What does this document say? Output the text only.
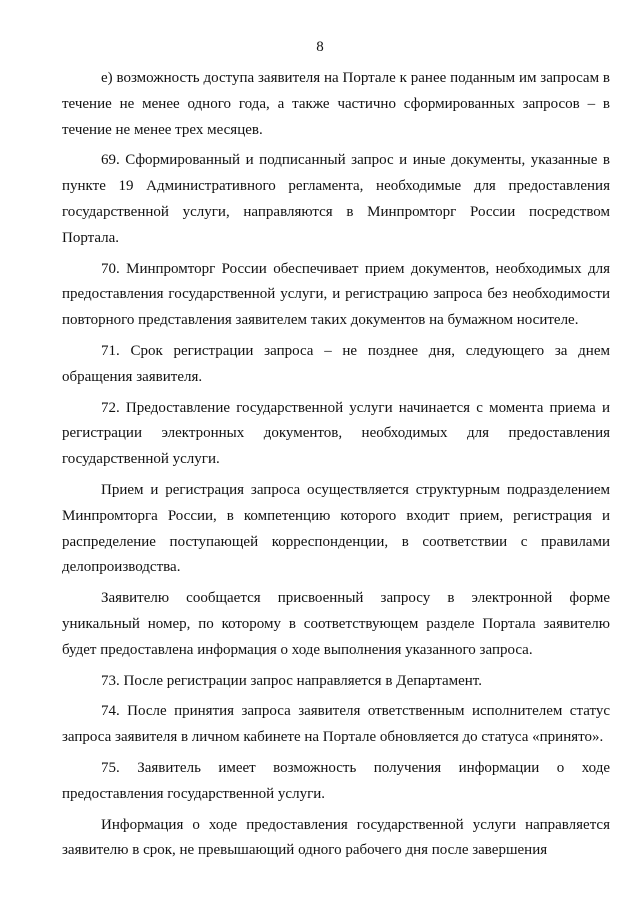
8

е) возможность доступа заявителя на Портале к ранее поданным им запросам в течение не менее одного года, а также частично сформированных запросов – в течение не менее трех месяцев.

69. Сформированный и подписанный запрос и иные документы, указанные в пункте 19 Административного регламента, необходимые для предоставления государственной услуги, направляются в Минпромторг России посредством Портала.

70. Минпромторг России обеспечивает прием документов, необходимых для предоставления государственной услуги, и регистрацию запроса без необходимости повторного представления заявителем таких документов на бумажном носителе.

71. Срок регистрации запроса – не позднее дня, следующего за днем обращения заявителя.

72. Предоставление государственной услуги начинается с момента приема и регистрации электронных документов, необходимых для предоставления государственной услуги.

Прием и регистрация запроса осуществляется структурным подразделением Минпромторга России, в компетенцию которого входит прием, регистрация и распределение поступающей корреспонденции, в соответствии с правилами делопроизводства.

Заявителю сообщается присвоенный запросу в электронной форме уникальный номер, по которому в соответствующем разделе Портала заявителю будет предоставлена информация о ходе выполнения указанного запроса.

73. После регистрации запрос направляется в Департамент.

74. После принятия запроса заявителя ответственным исполнителем статус запроса заявителя в личном кабинете на Портале обновляется до статуса «принято».

75. Заявитель имеет возможность получения информации о ходе предоставления государственной услуги.

Информация о ходе предоставления государственной услуги направляется заявителю в срок, не превышающий одного рабочего дня после завершения
